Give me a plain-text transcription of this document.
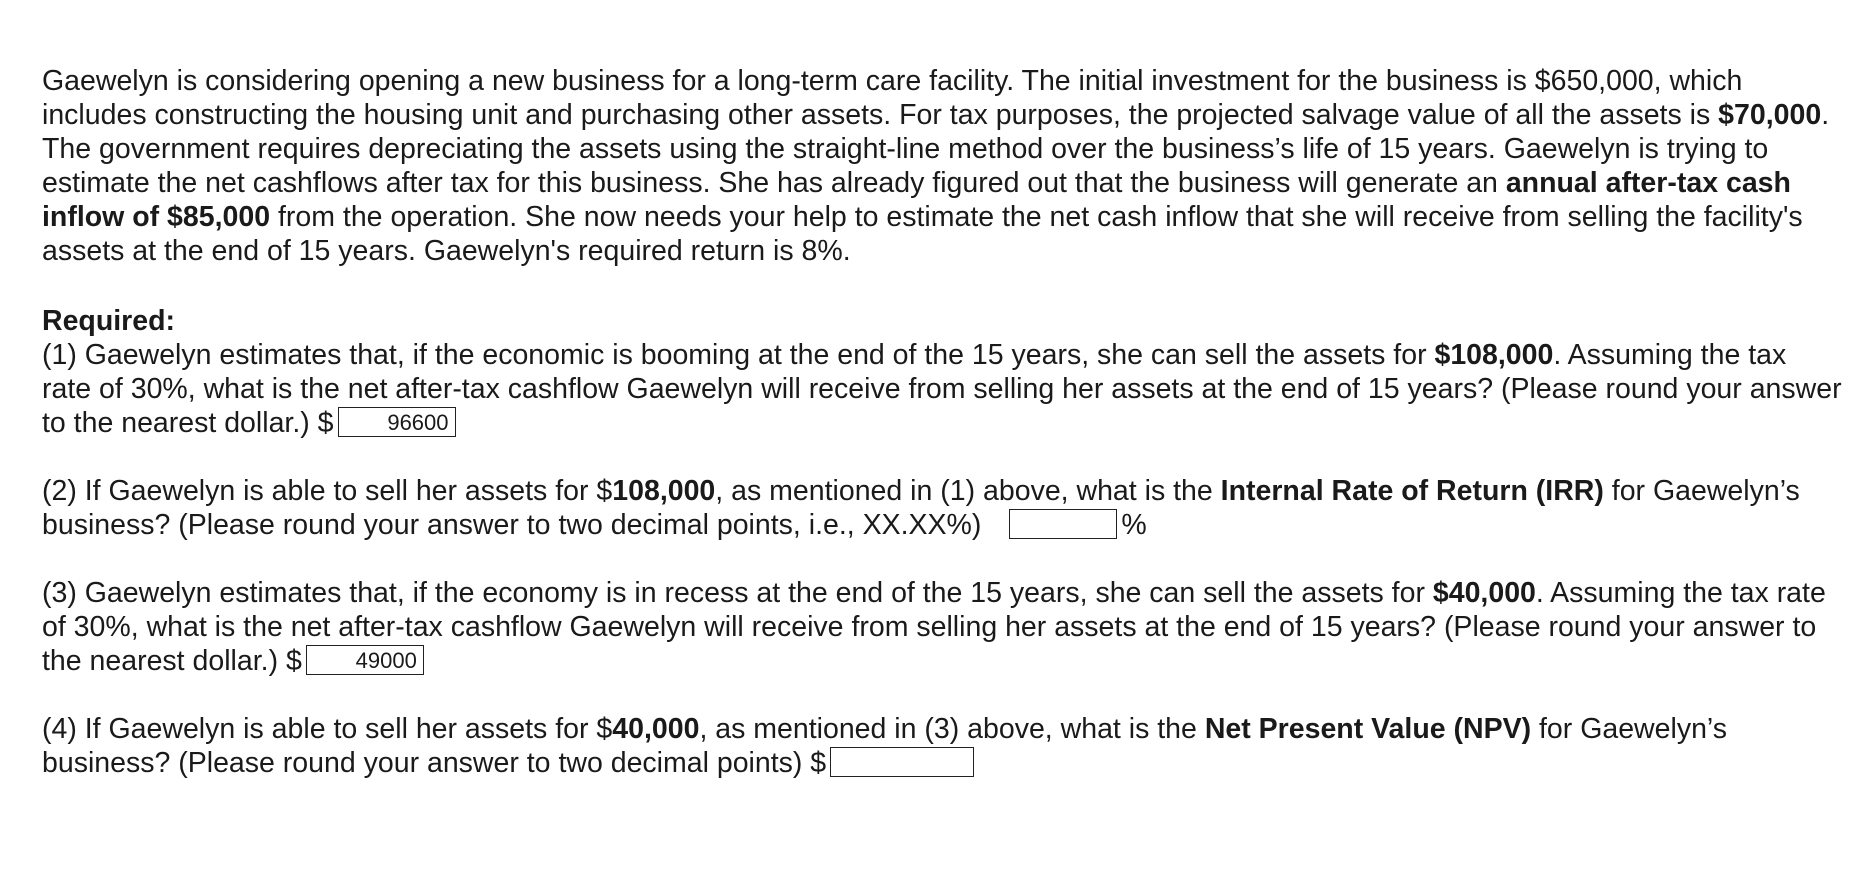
Gaewelyn is considering opening a new business for a long-term care facility. The initial investment for the business is $650,000, which includes constructing the housing unit and purchasing other assets. For tax purposes, the projected salvage value of all the assets is $70,000. The government requires depreciating the assets using the straight-line method over the business’s life of 15 years. Gaewelyn is trying to estimate the net cashflows after tax for this business. She has already figured out that the business will generate an annual after-tax cash inflow of $85,000 from the operation. She now needs your help to estimate the net cash inflow that she will receive from selling the facility's assets at the end of 15 years. Gaewelyn's required return is 8%.

Required:

(1) Gaewelyn estimates that, if the economic is booming at the end of the 15 years, she can sell the assets for $108,000. Assuming the tax rate of 30%, what is the net after-tax cashflow Gaewelyn will receive from selling her assets at the end of 15 years? (Please round your answer to the nearest dollar.) $ 96600

(2) If Gaewelyn is able to sell her assets for $108,000, as mentioned in (1) above, what is the Internal Rate of Return (IRR) for Gaewelyn’s business? (Please round your answer to two decimal points, i.e., XX.XX%)	%

(3) Gaewelyn estimates that, if the economy is in recess at the end of the 15 years, she can sell the assets for $40,000. Assuming the tax rate of 30%, what is the net after-tax cashflow Gaewelyn will receive from selling her assets at the end of 15 years? (Please round your answer to the nearest dollar.) $ 49000

(4) If Gaewelyn is able to sell her assets for $40,000, as mentioned in (3) above, what is the Net Present Value (NPV) for Gaewelyn’s business? (Please round your answer to two decimal points) $
